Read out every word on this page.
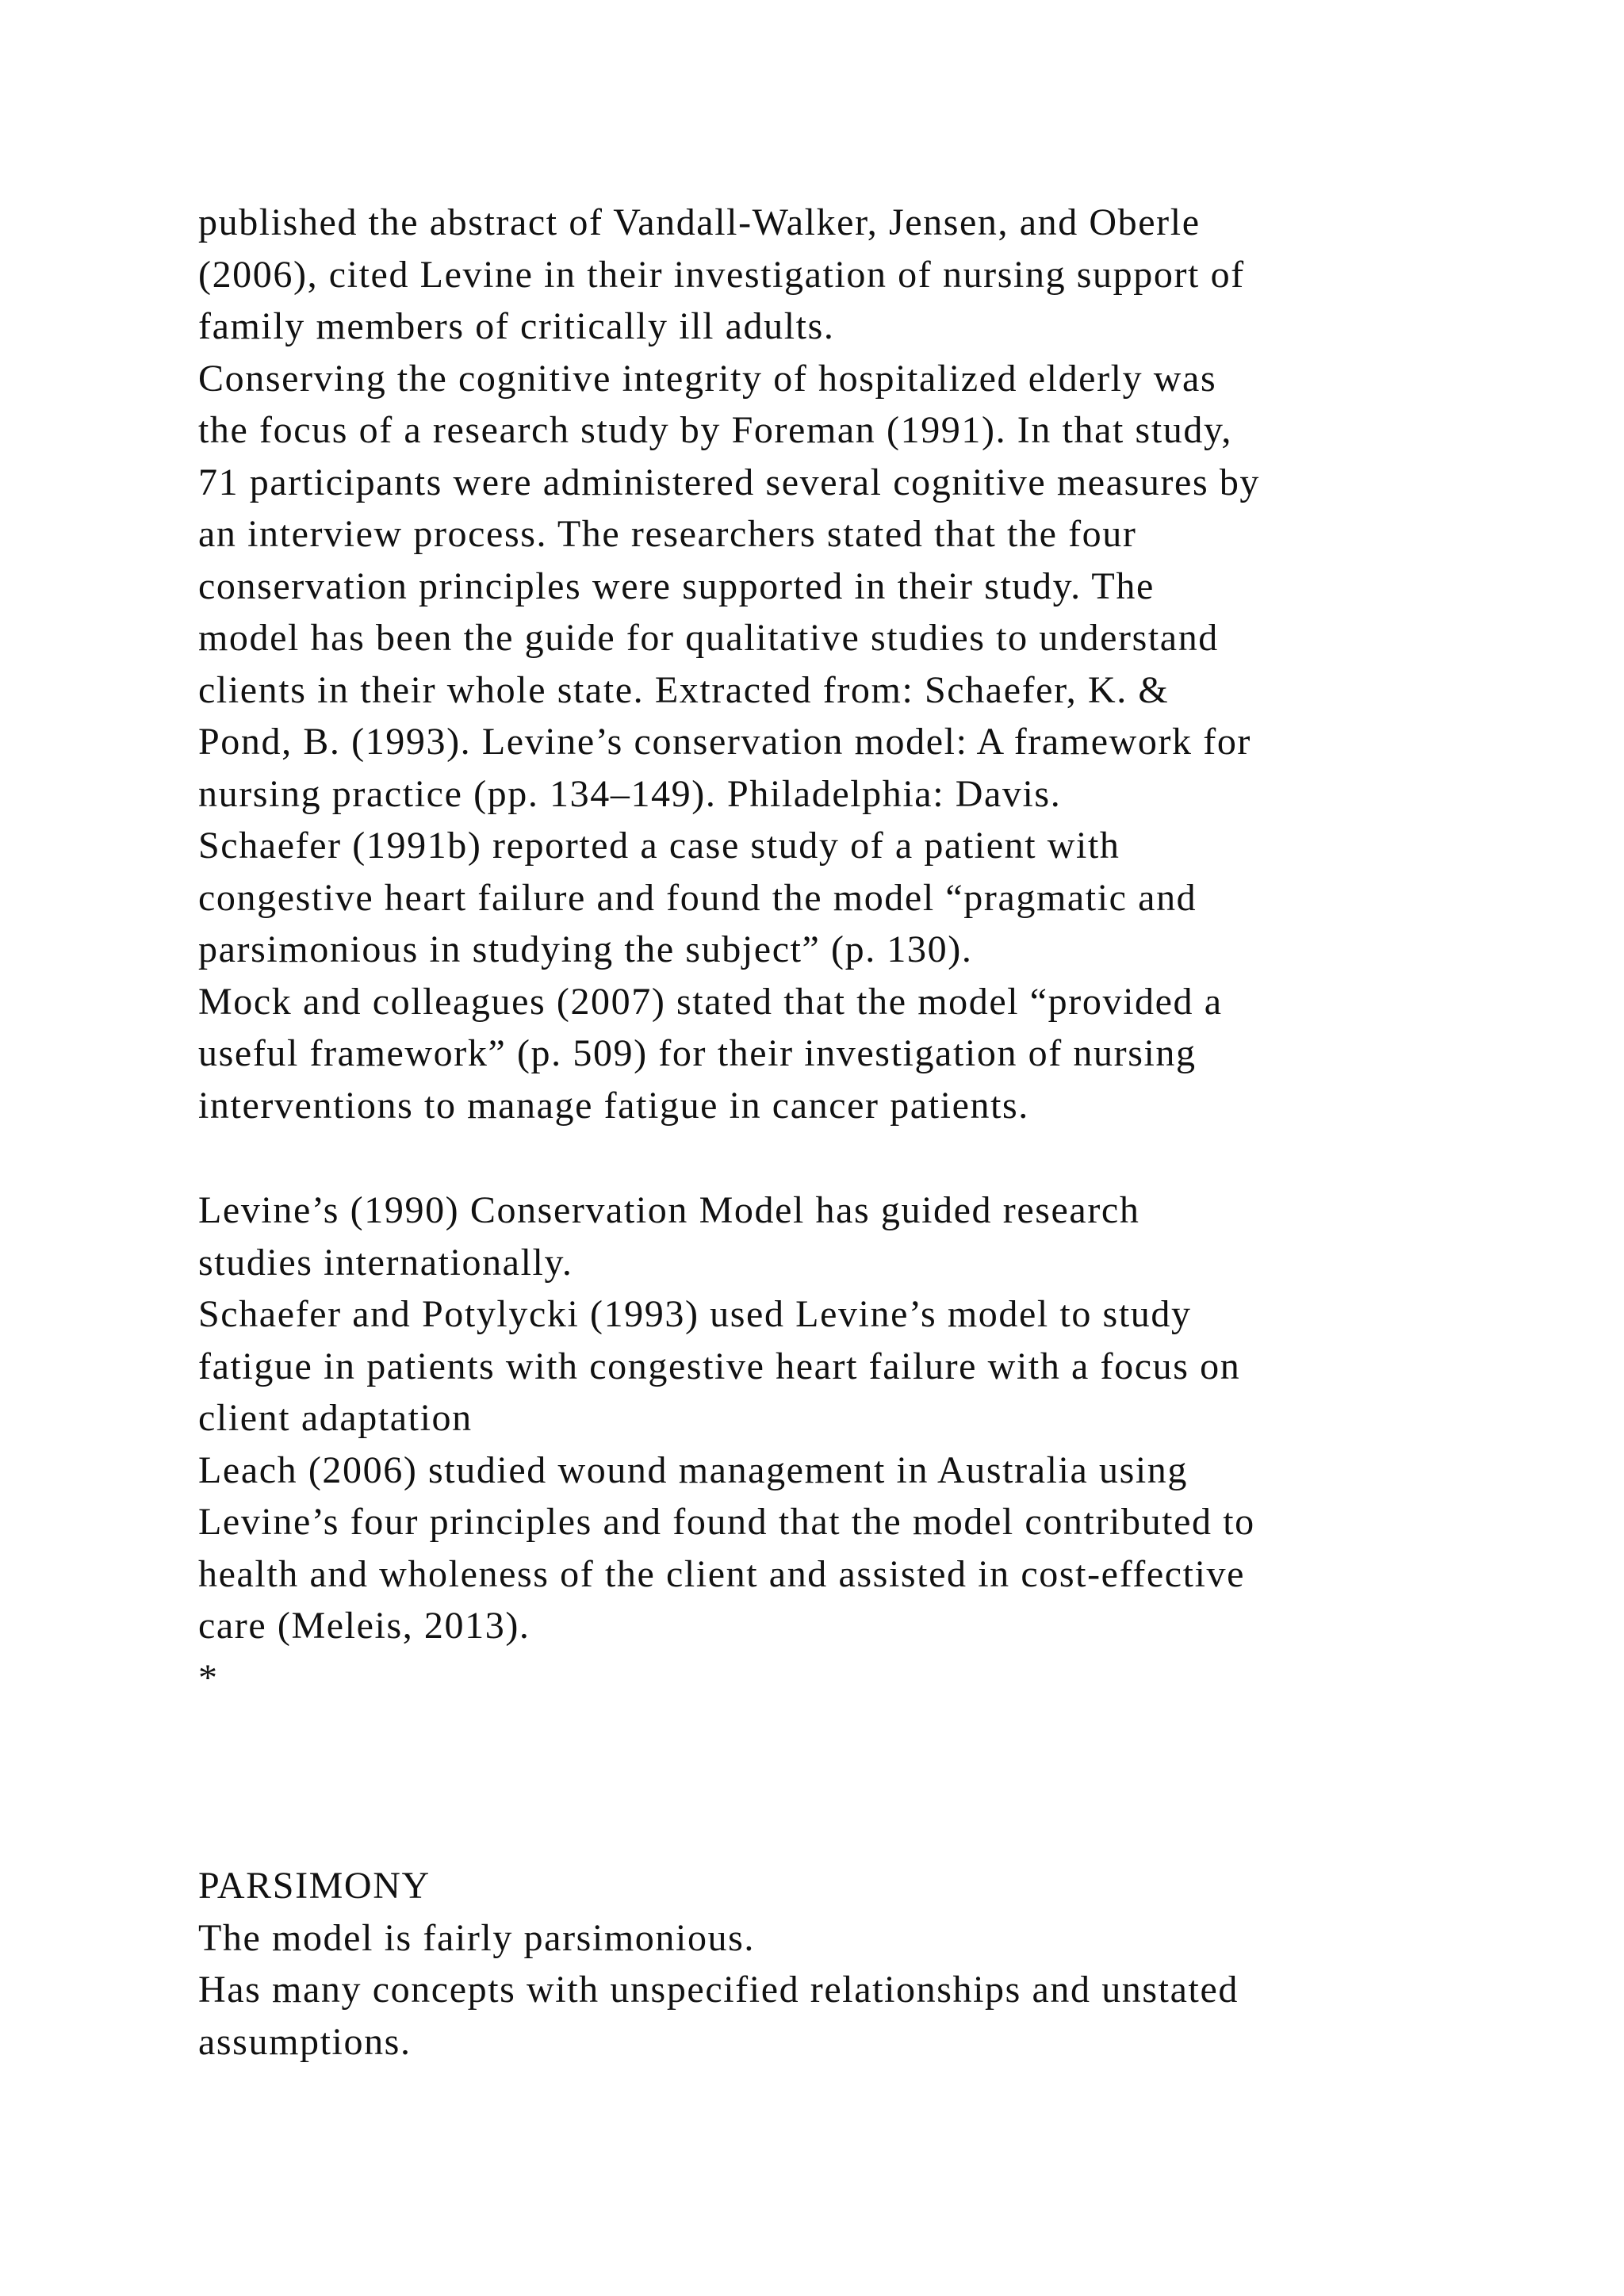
published the abstract of Vandall-Walker, Jensen, and Oberle
(2006), cited Levine in their investigation of nursing support of
family members of critically ill adults.
Conserving the cognitive integrity of hospitalized elderly was
the focus of a research study by Foreman (1991). In that study,
71 participants were administered several cognitive measures by
an interview process. The researchers stated that the four
conservation principles were supported in their study. The
model has been the guide for qualitative studies to understand
clients in their whole state. Extracted from: Schaefer, K. &
Pond, B. (1993). Levine’s conservation model: A framework for
nursing practice (pp. 134–149). Philadelphia: Davis.
Schaefer (1991b) reported a case study of a patient with
congestive heart failure and found the model “pragmatic and
parsimonious in studying the subject” (p. 130).
Mock and colleagues (2007) stated that the model “provided a
useful framework” (p. 509) for their investigation of nursing
interventions to manage fatigue in cancer patients.
Levine’s (1990) Conservation Model has guided research
studies internationally.
Schaefer and Potylycki (1993) used Levine’s model to study
fatigue in patients with congestive heart failure with a focus on
client adaptation
Leach (2006) studied wound management in Australia using
Levine’s four principles and found that the model contributed to
health and wholeness of the client and assisted in cost-effective
care (Meleis, 2013).
*
PARSIMONY
The model is fairly parsimonious.
Has many concepts with unspecified relationships and unstated
assumptions.
